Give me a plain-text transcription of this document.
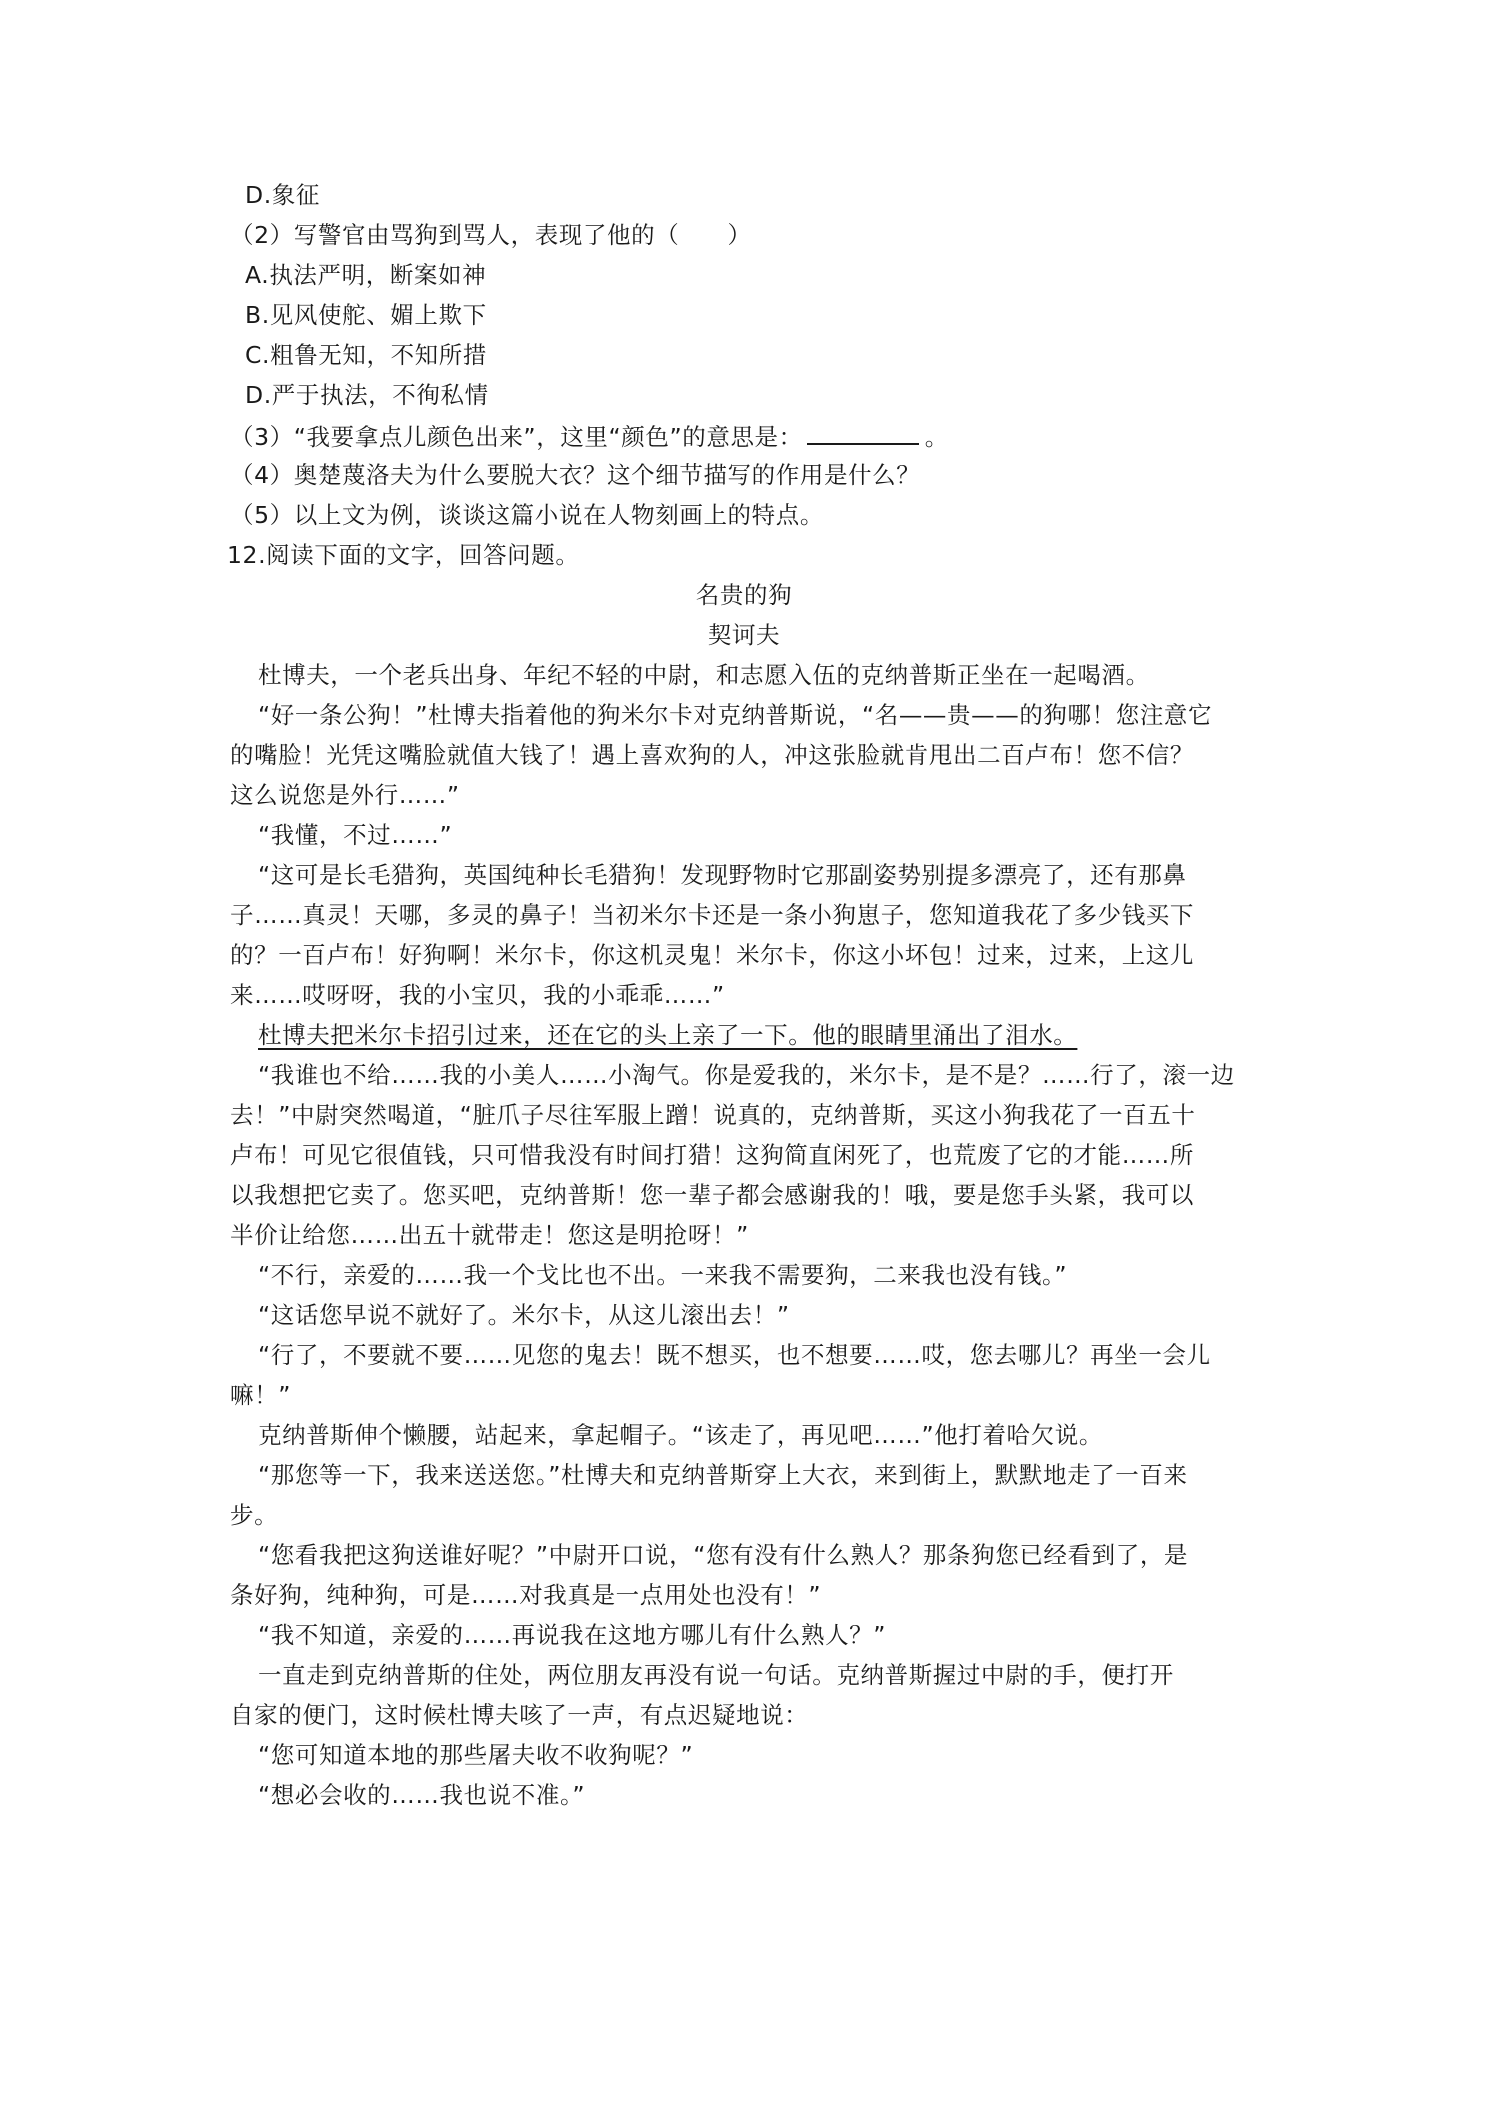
D.象征
（2）写警官由骂狗到骂人，表现了他的（　　）
A.执法严明，断案如神
B.见风使舵、媚上欺下
C.粗鲁无知，不知所措
D.严于执法，不徇私情
（3）“我要拿点儿颜色出来”，这里“颜色”的意思是：	。
（4）奥楚蔑洛夫为什么要脱大衣？这个细节描写的作用是什么？
（5）以上文为例，谈谈这篇小说在人物刻画上的特点。
12.阅读下面的文字，回答问题。
名贵的狗
契诃夫
杜博夫，一个老兵出身、年纪不轻的中尉，和志愿入伍的克纳普斯正坐在一起喝酒。
“好一条公狗！”杜博夫指着他的狗米尔卡对克纳普斯说，“名——贵——的狗哪！您注意它
的嘴脸！光凭这嘴脸就值大钱了！遇上喜欢狗的人，冲这张脸就肯甩出二百卢布！您不信？
这么说您是外行……”
“我懂，不过……”
“这可是长毛猎狗，英国纯种长毛猎狗！发现野物时它那副姿势别提多漂亮了，还有那鼻
子……真灵！天哪，多灵的鼻子！当初米尔卡还是一条小狗崽子，您知道我花了多少钱买下
的？一百卢布！好狗啊！米尔卡，你这机灵鬼！米尔卡，你这小坏包！过来，过来，上这儿
来……哎呀呀，我的小宝贝，我的小乖乖……”
杜博夫把米尔卡招引过来，还在它的头上亲了一下。他的眼睛里涌出了泪水。
“我谁也不给……我的小美人……小淘气。你是爱我的，米尔卡，是不是？……行了，滚一边
去！”中尉突然喝道，“脏爪子尽往军服上蹭！说真的，克纳普斯，买这小狗我花了一百五十
卢布！可见它很值钱，只可惜我没有时间打猎！这狗简直闲死了，也荒废了它的才能……所
以我想把它卖了。您买吧，克纳普斯！您一辈子都会感谢我的！哦，要是您手头紧，我可以
半价让给您……出五十就带走！您这是明抢呀！”
“不行，亲爱的……我一个戈比也不出。一来我不需要狗，二来我也没有钱。”
“这话您早说不就好了。米尔卡，从这儿滚出去！”
“行了，不要就不要……见您的鬼去！既不想买，也不想要……哎，您去哪儿？再坐一会儿
嘛！”
克纳普斯伸个懒腰，站起来，拿起帽子。“该走了，再见吧……”他打着哈欠说。
“那您等一下，我来送送您。”杜博夫和克纳普斯穿上大衣，来到街上，默默地走了一百来
步。
“您看我把这狗送谁好呢？”中尉开口说，“您有没有什么熟人？那条狗您已经看到了，是
条好狗，纯种狗，可是……对我真是一点用处也没有！”
“我不知道，亲爱的……再说我在这地方哪儿有什么熟人？”
一直走到克纳普斯的住处，两位朋友再没有说一句话。克纳普斯握过中尉的手，便打开
自家的便门，这时候杜博夫咳了一声，有点迟疑地说：
“您可知道本地的那些屠夫收不收狗呢？”
“想必会收的……我也说不准。”
